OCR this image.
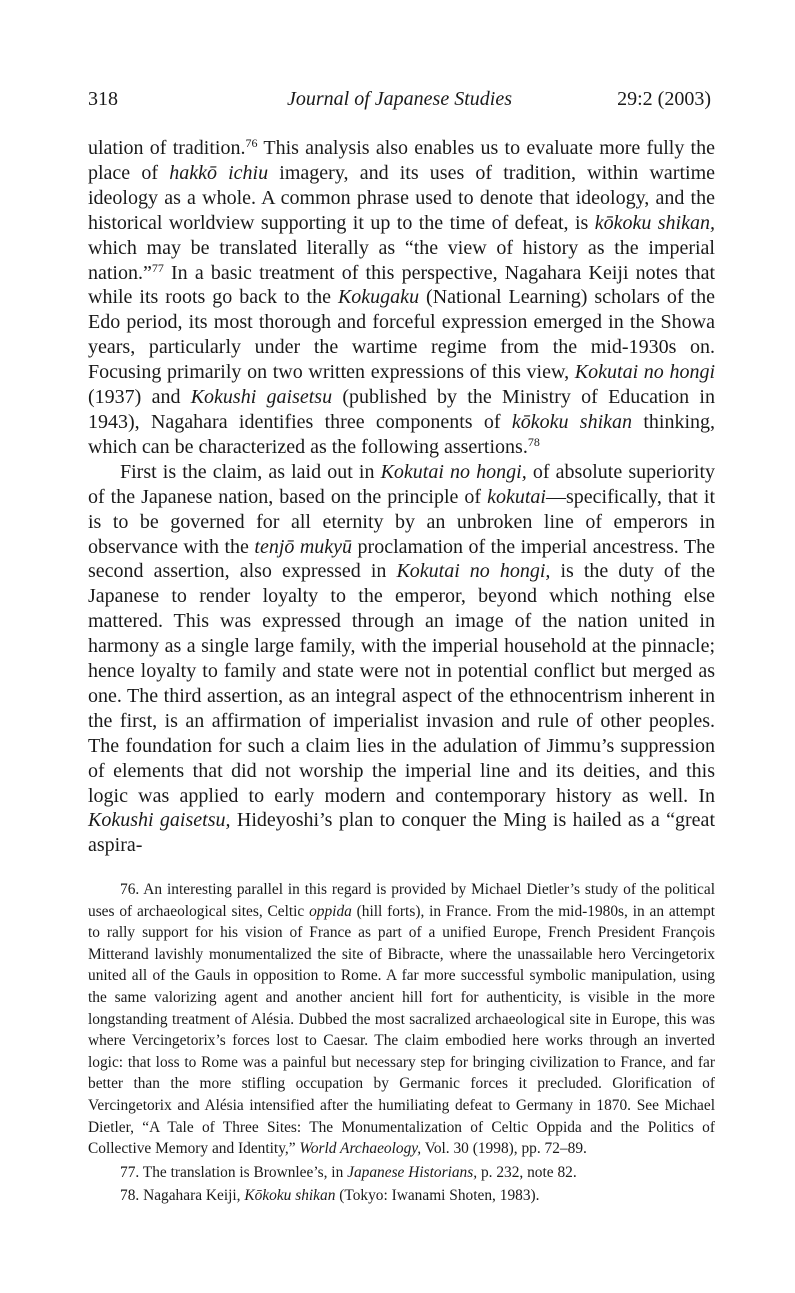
318	Journal of Japanese Studies	29:2 (2003)

ulation of tradition.$^{76}$ This analysis also enables us to evaluate more fully the place of hakkō ichiu imagery, and its uses of tradition, within wartime ideology as a whole. A common phrase used to denote that ideology, and the historical worldview supporting it up to the time of defeat, is kōkoku shikan, which may be translated literally as “the view of history as the imperial nation.”$^{77}$ In a basic treatment of this perspective, Nagahara Keiji notes that while its roots go back to the Kokugaku (National Learning) scholars of the Edo period, its most thorough and forceful expression emerged in the Showa years, particularly under the wartime regime from the mid-1930s on. Focusing primarily on two written expressions of this view, Kokutai no hongi (1937) and Kokushi gaisetsu (published by the Ministry of Education in 1943), Nagahara identifies three components of kōkoku shikan thinking, which can be characterized as the following assertions.$^{78}$

First is the claim, as laid out in Kokutai no hongi, of absolute superiority of the Japanese nation, based on the principle of kokutai—specifically, that it is to be governed for all eternity by an unbroken line of emperors in observance with the tenjō mukyū proclamation of the imperial ancestress. The second assertion, also expressed in Kokutai no hongi, is the duty of the Japanese to render loyalty to the emperor, beyond which nothing else mattered. This was expressed through an image of the nation united in harmony as a single large family, with the imperial household at the pinnacle; hence loyalty to family and state were not in potential conflict but merged as one. The third assertion, as an integral aspect of the ethnocentrism inherent in the first, is an affirmation of imperialist invasion and rule of other peoples. The foundation for such a claim lies in the adulation of Jimmu’s suppression of elements that did not worship the imperial line and its deities, and this logic was applied to early modern and contemporary history as well. In Kokushi gaisetsu, Hideyoshi’s plan to conquer the Ming is hailed as a “great aspira-

76. An interesting parallel in this regard is provided by Michael Dietler’s study of the political uses of archaeological sites, Celtic oppida (hill forts), in France. From the mid-1980s, in an attempt to rally support for his vision of France as part of a unified Europe, French President François Mitterand lavishly monumentalized the site of Bibracte, where the unassailable hero Vercingetorix united all of the Gauls in opposition to Rome. A far more successful symbolic manipulation, using the same valorizing agent and another ancient hill fort for authenticity, is visible in the more longstanding treatment of Alésia. Dubbed the most sacralized archaeological site in Europe, this was where Vercingetorix’s forces lost to Caesar. The claim embodied here works through an inverted logic: that loss to Rome was a painful but necessary step for bringing civilization to France, and far better than the more stifling occupation by Germanic forces it precluded. Glorification of Vercingetorix and Alésia intensified after the humiliating defeat to Germany in 1870. See Michael Dietler, “A Tale of Three Sites: The Monumentalization of Celtic Oppida and the Politics of Collective Memory and Identity,” World Archaeology, Vol. 30 (1998), pp. 72–89.

77. The translation is Brownlee’s, in Japanese Historians, p. 232, note 82.

78. Nagahara Keiji, Kōkoku shikan (Tokyo: Iwanami Shoten, 1983).
